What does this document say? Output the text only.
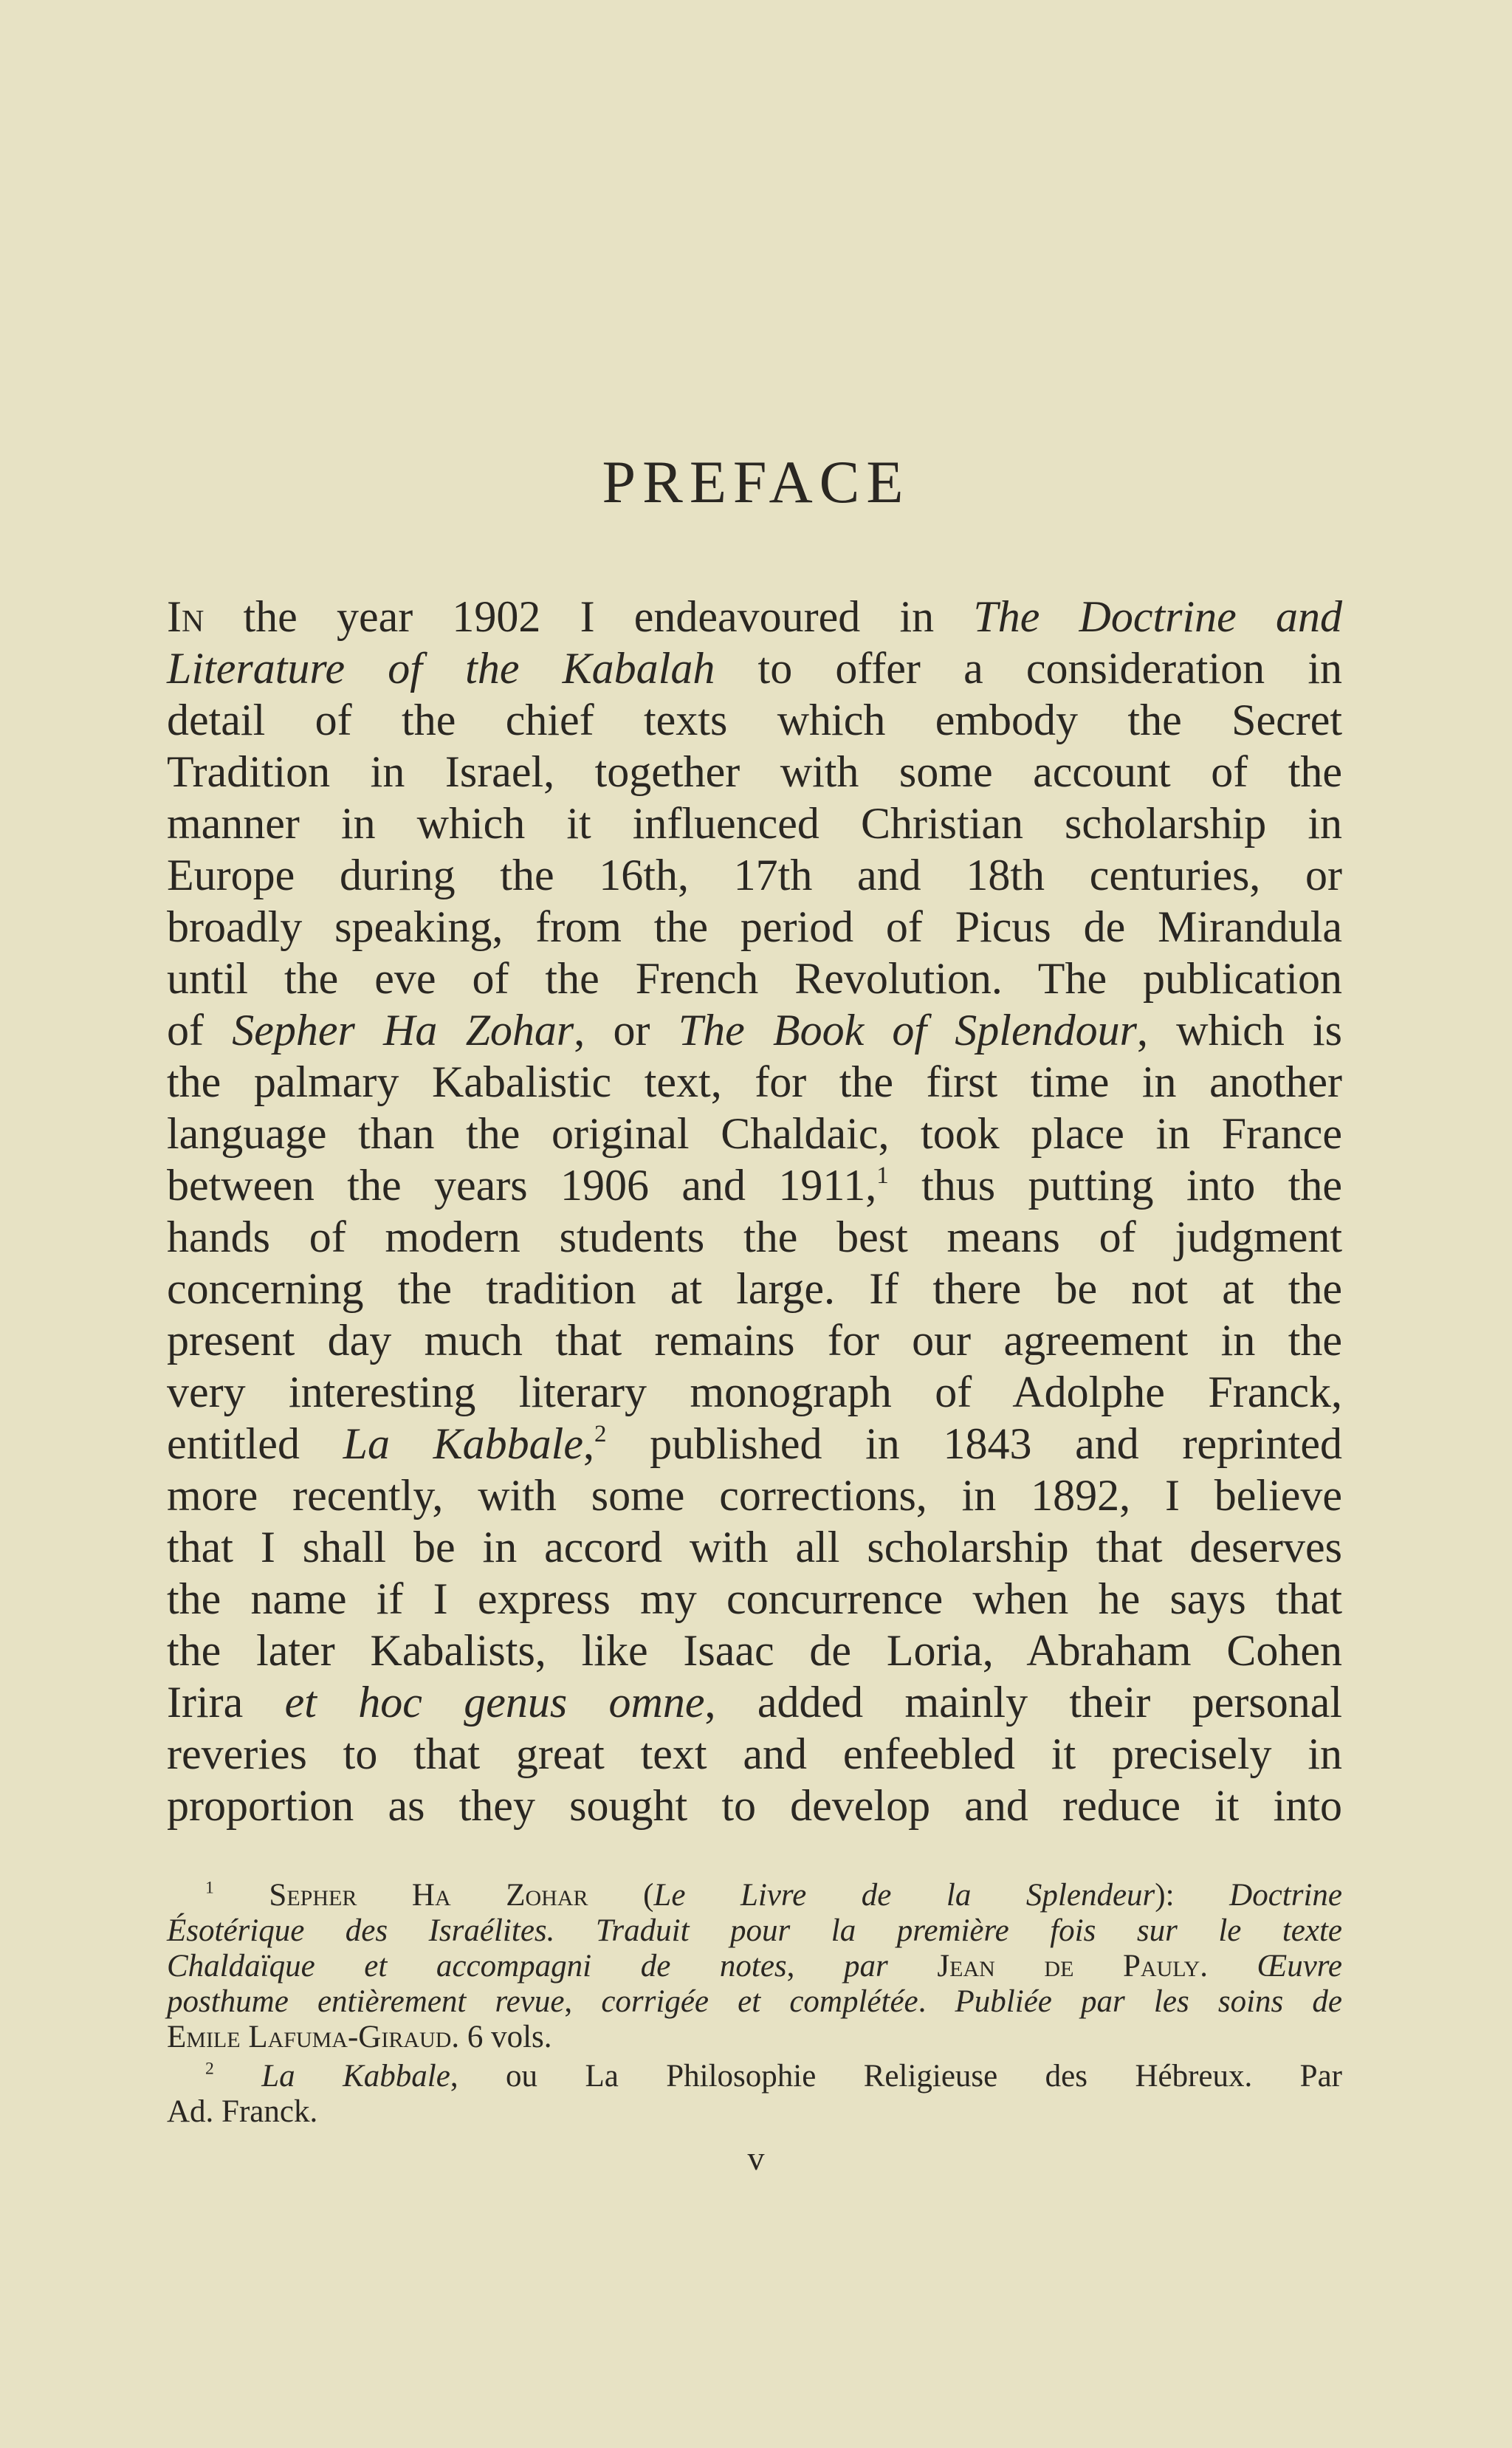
PREFACE
In the year 1902 I endeavoured in The Doctrine and
Literature of the Kabalah to offer a consideration in
detail of the chief texts which embody the Secret
Tradition in Israel, together with some account of the
manner in which it influenced Christian scholarship in
Europe during the 16th, 17th and 18th centuries, or
broadly speaking, from the period of Picus de Mirandula
until the eve of the French Revolution. The publication
of Sepher Ha Zohar, or The Book of Splendour, which is
the palmary Kabalistic text, for the first time in another
language than the original Chaldaic, took place in France
between the years 1906 and 1911,$^1$ thus putting into the
hands of modern students the best means of judgment
concerning the tradition at large. If there be not at the
present day much that remains for our agreement in the
very interesting literary monograph of Adolphe Franck,
entitled La Kabbale,$^2$ published in 1843 and reprinted
more recently, with some corrections, in 1892, I believe
that I shall be in accord with all scholarship that deserves
the name if I express my concurrence when he says that
the later Kabalists, like Isaac de Loria, Abraham Cohen
Irira et hoc genus omne, added mainly their personal
reveries to that great text and enfeebled it precisely in
proportion as they sought to develop and reduce it into
$^1$ Sepher Ha Zohar (Le Livre de la Splendeur): Doctrine
Ésotérique des Israélites. Traduit pour la première fois sur le texte
Chaldaïque et accompagni de notes, par Jean de Pauly. Œuvre
posthume entièrement revue, corrigée et complétée. Publiée par les soins de
Emile Lafuma-Giraud. 6 vols.
$^2$ La Kabbale, ou La Philosophie Religieuse des Hébreux. Par
Ad. Franck.
v
